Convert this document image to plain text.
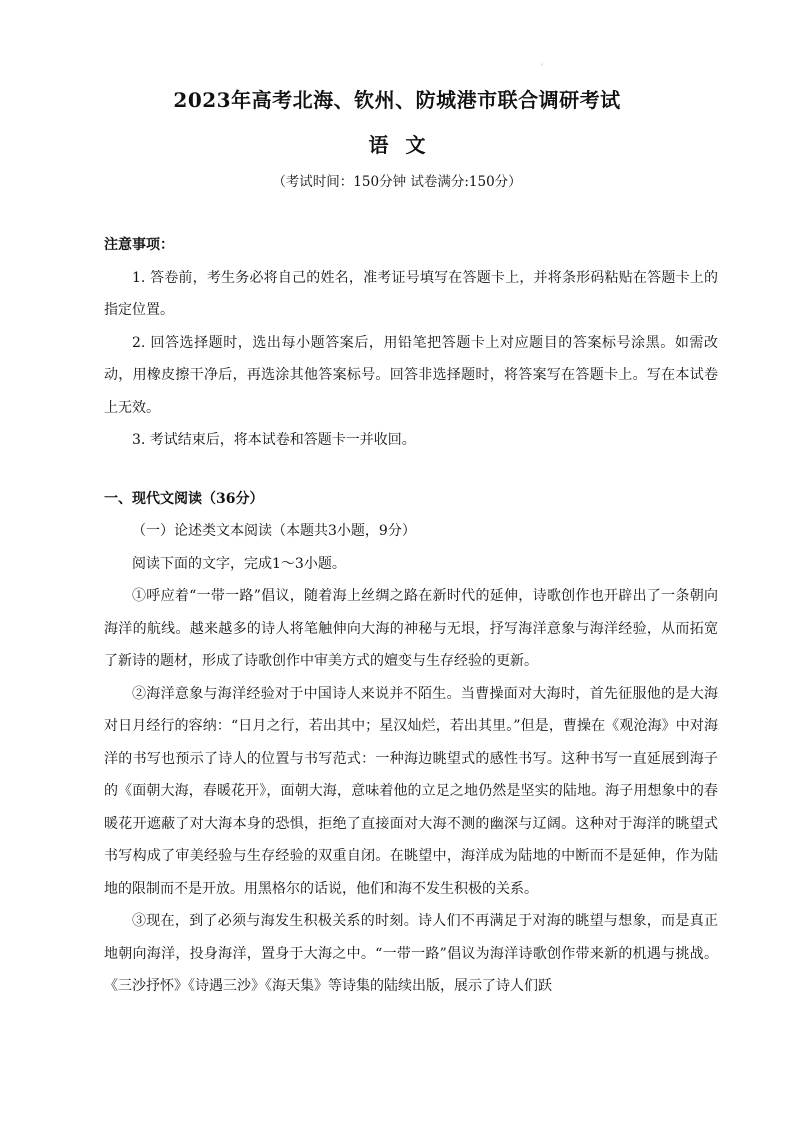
'
2023年高考北海、钦州、防城港市联合调研考试
语 文
（考试时间：150分钟 试卷满分:150分）

注意事项：

1. 答卷前，考生务必将自己的姓名，准考证号填写在答题卡上，并将条形码粘贴在答题卡上的指定位置。

2. 回答选择题时，选出每小题答案后，用铅笔把答题卡上对应题目的答案标号涂黑。如需改动，用橡皮擦干净后，再选涂其他答案标号。回答非选择题时，将答案写在答题卡上。写在本试卷上无效。

3. 考试结束后，将本试卷和答题卡一并收回。

一、现代文阅读（36分）

（一）论述类文本阅读（本题共3小题，9分）

阅读下面的文字，完成1～3小题。

①呼应着“一带一路”倡议，随着海上丝绸之路在新时代的延伸，诗歌创作也开辟出了一条朝向海洋的航线。越来越多的诗人将笔触伸向大海的神秘与无垠，抒写海洋意象与海洋经验，从而拓宽了新诗的题材，形成了诗歌创作中审美方式的嬗变与生存经验的更新。

②海洋意象与海洋经验对于中国诗人来说并不陌生。当曹操面对大海时，首先征服他的是大海对日月经行的容纳：“日月之行，若出其中；星汉灿烂，若出其里。”但是，曹操在《观沧海》中对海洋的书写也预示了诗人的位置与书写范式：一种海边眺望式的感性书写。这种书写一直延展到海子的《面朝大海，春暖花开》，面朝大海，意味着他的立足之地仍然是坚实的陆地。海子用想象中的春暖花开遮蔽了对大海本身的恐惧，拒绝了直接面对大海不测的幽深与辽阔。这种对于海洋的眺望式书写构成了审美经验与生存经验的双重自闭。在眺望中，海洋成为陆地的中断而不是延伸，作为陆地的限制而不是开放。用黑格尔的话说，他们和海不发生积极的关系。

③现在，到了必须与海发生积极关系的时刻。诗人们不再满足于对海的眺望与想象，而是真正地朝向海洋，投身海洋，置身于大海之中。“一带一路”倡议为海洋诗歌创作带来新的机遇与挑战。《三沙抒怀》《诗遇三沙》《海天集》等诗集的陆续出版，展示了诗人们跃
